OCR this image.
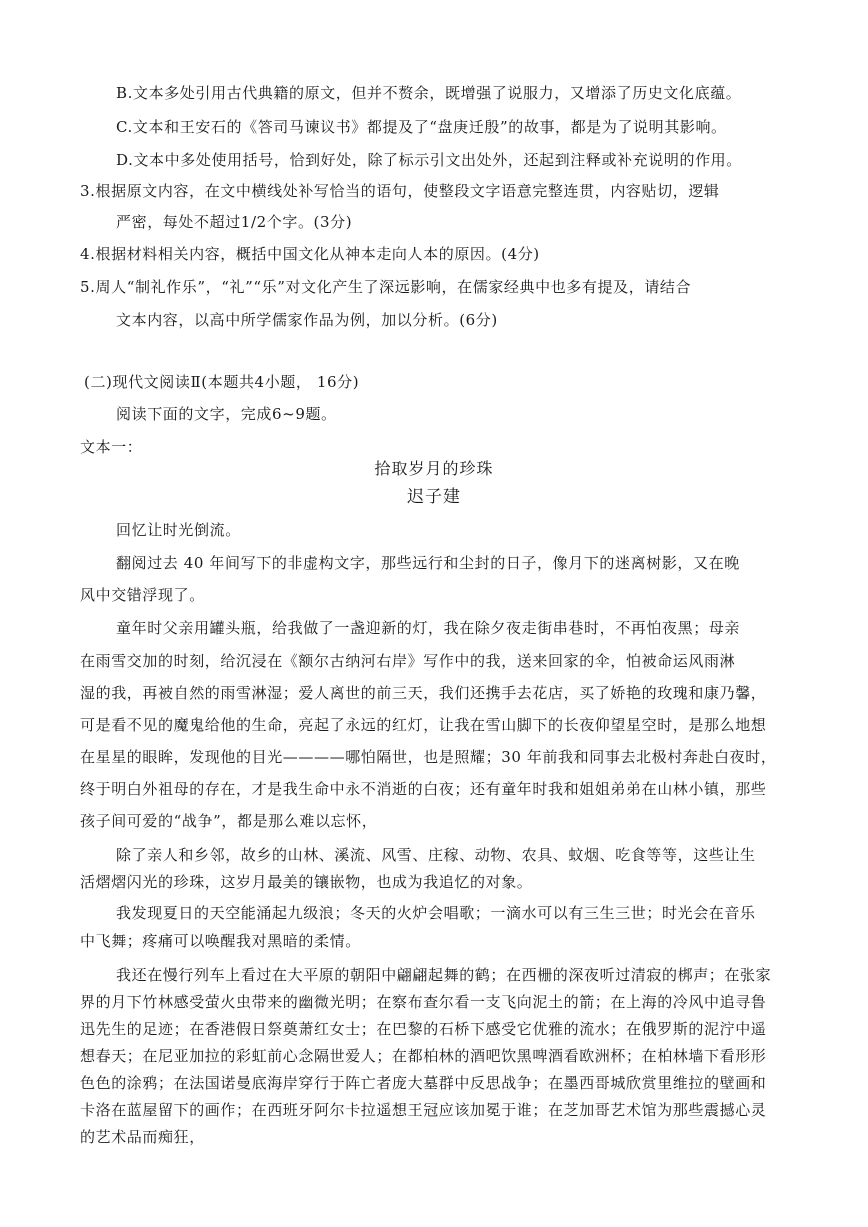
B.文本多处引用古代典籍的原文，但并不赘余，既增强了说服力，又增添了历史文化底蕴。
C.文本和王安石的《答司马谏议书》都提及了“盘庚迁殷”的故事，都是为了说明其影响。
D.文本中多处使用括号，恰到好处，除了标示引文出处外，还起到注释或补充说明的作用。
3.根据原文内容，在文中横线处补写恰当的语句，使整段文字语意完整连贯，内容贴切，逻辑
严密，每处不超过1/2个字。(3分)
4.根据材料相关内容，概括中国文化从神本走向人本的原因。(4分)
5.周人“制礼作乐”，“礼”“乐”对文化产生了深远影响，在儒家经典中也多有提及，请结合
文本内容，以高中所学儒家作品为例，加以分析。(6分)
(二)现代文阅读Ⅱ(本题共4小题， 16分)
阅读下面的文字，完成6~9题。
文本一：
拾取岁月的珍珠
迟子建
回忆让时光倒流。
翻阅过去 40 年间写下的非虚构文字，那些远行和尘封的日子，像月下的迷离树影，又在晚
风中交错浮现了。
童年时父亲用罐头瓶，给我做了一盏迎新的灯，我在除夕夜走街串巷时，不再怕夜黑；母亲
在雨雪交加的时刻，给沉浸在《额尔古纳河右岸》写作中的我，送来回家的伞，怕被命运风雨淋
湿的我，再被自然的雨雪淋湿；爱人离世的前三天，我们还携手去花店，买了娇艳的玫瑰和康乃馨，
可是看不见的魔鬼给他的生命，亮起了永远的红灯，让我在雪山脚下的长夜仰望星空时，是那么地想
在星星的眼眸，发现他的目光————哪怕隔世，也是照耀；30 年前我和同事去北极村奔赴白夜时，
终于明白外祖母的存在，才是我生命中永不消逝的白夜；还有童年时我和姐姐弟弟在山林小镇，那些
孩子间可爱的“战争”，都是那么难以忘怀，
除了亲人和乡邻，故乡的山林、溪流、风雪、庄稼、动物、农具、蚊烟、吃食等等，这些让生
活熠熠闪光的珍珠，这岁月最美的镶嵌物，也成为我追忆的对象。
我发现夏日的天空能涌起九级浪；冬天的火炉会唱歌；一滴水可以有三生三世；时光会在音乐
中飞舞；疼痛可以唤醒我对黑暗的柔情。
我还在慢行列车上看过在大平原的朝阳中翩翩起舞的鹤；在西栅的深夜听过清寂的梆声；在张家
界的月下竹林感受萤火虫带来的幽微光明；在察布查尔看一支飞向泥土的箭；在上海的冷风中追寻鲁
迅先生的足迹；在香港假日祭奠萧红女士；在巴黎的石桥下感受它优雅的流水；在俄罗斯的泥泞中遥
想春天；在尼亚加拉的彩虹前心念隔世爱人；在都柏林的酒吧饮黑啤酒看欧洲杯；在柏林墙下看形形
色色的涂鸦；在法国诺曼底海岸穿行于阵亡者庞大墓群中反思战争；在墨西哥城欣赏里维拉的壁画和
卡洛在蓝屋留下的画作；在西班牙阿尔卡拉遥想王冠应该加冕于谁；在芝加哥艺术馆为那些震撼心灵
的艺术品而痴狂，
